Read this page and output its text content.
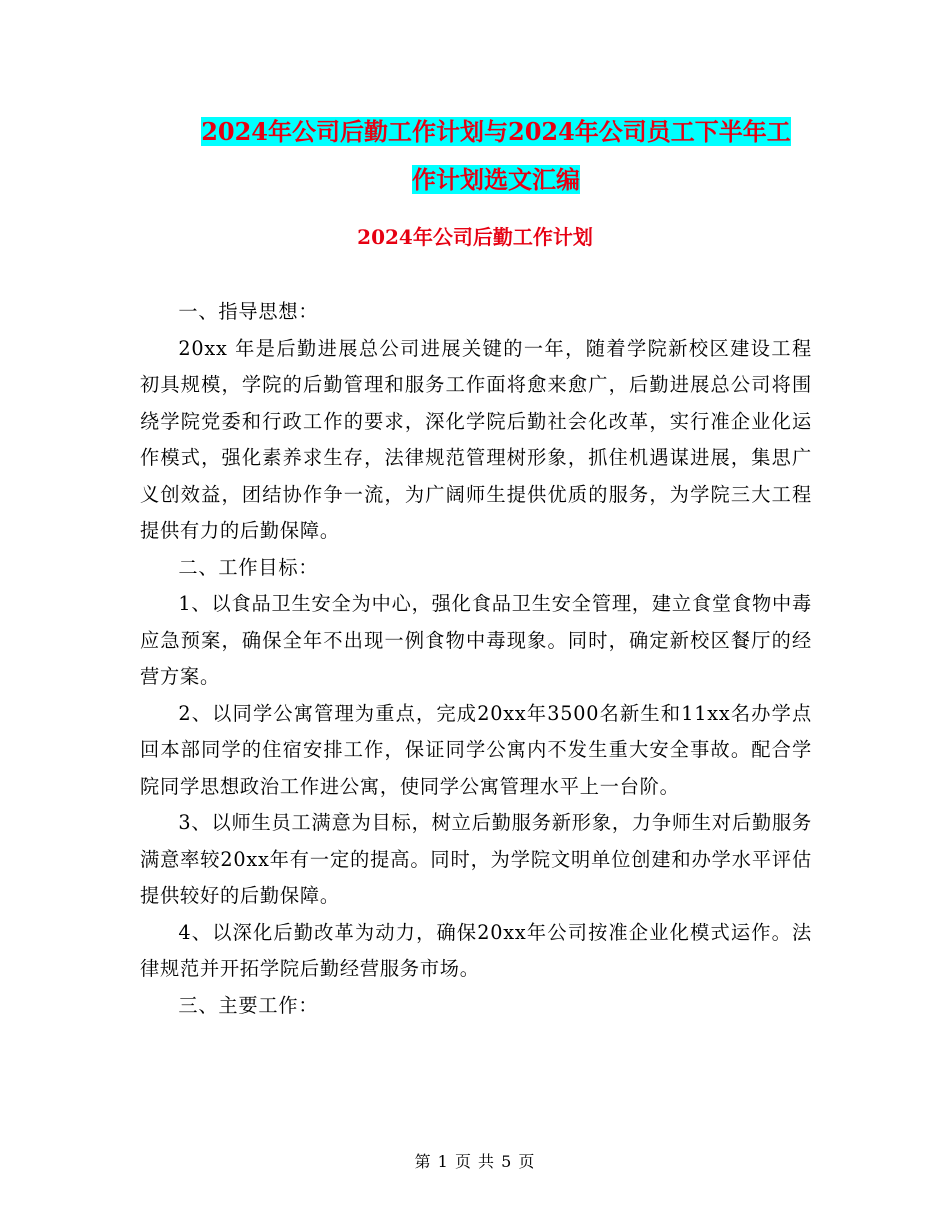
2024年公司后勤工作计划与2024年公司员工下半年工
作计划选文汇编
2024年公司后勤工作计划

一、指导思想：

20xx 年是后勤进展总公司进展关键的一年，随着学院新校区建设工程初具规模，学院的后勤管理和服务工作面将愈来愈广，后勤进展总公司将围绕学院党委和行政工作的要求，深化学院后勤社会化改革，实行准企业化运作模式，强化素养求生存，法律规范管理树形象，抓住机遇谋进展，集思广义创效益，团结协作争一流，为广阔师生提供优质的服务，为学院三大工程提供有力的后勤保障。

二、工作目标：

1、以食品卫生安全为中心，强化食品卫生安全管理，建立食堂食物中毒应急预案，确保全年不出现一例食物中毒现象。同时，确定新校区餐厅的经营方案。

2、以同学公寓管理为重点，完成20xx年3500名新生和11xx名办学点回本部同学的住宿安排工作，保证同学公寓内不发生重大安全事故。配合学院同学思想政治工作进公寓，使同学公寓管理水平上一台阶。

3、以师生员工满意为目标，树立后勤服务新形象，力争师生对后勤服务满意率较20xx年有一定的提高。同时，为学院文明单位创建和办学水平评估提供较好的后勤保障。

4、以深化后勤改革为动力，确保20xx年公司按准企业化模式运作。法律规范并开拓学院后勤经营服务市场。

三、主要工作：

第 1 页 共 5 页
